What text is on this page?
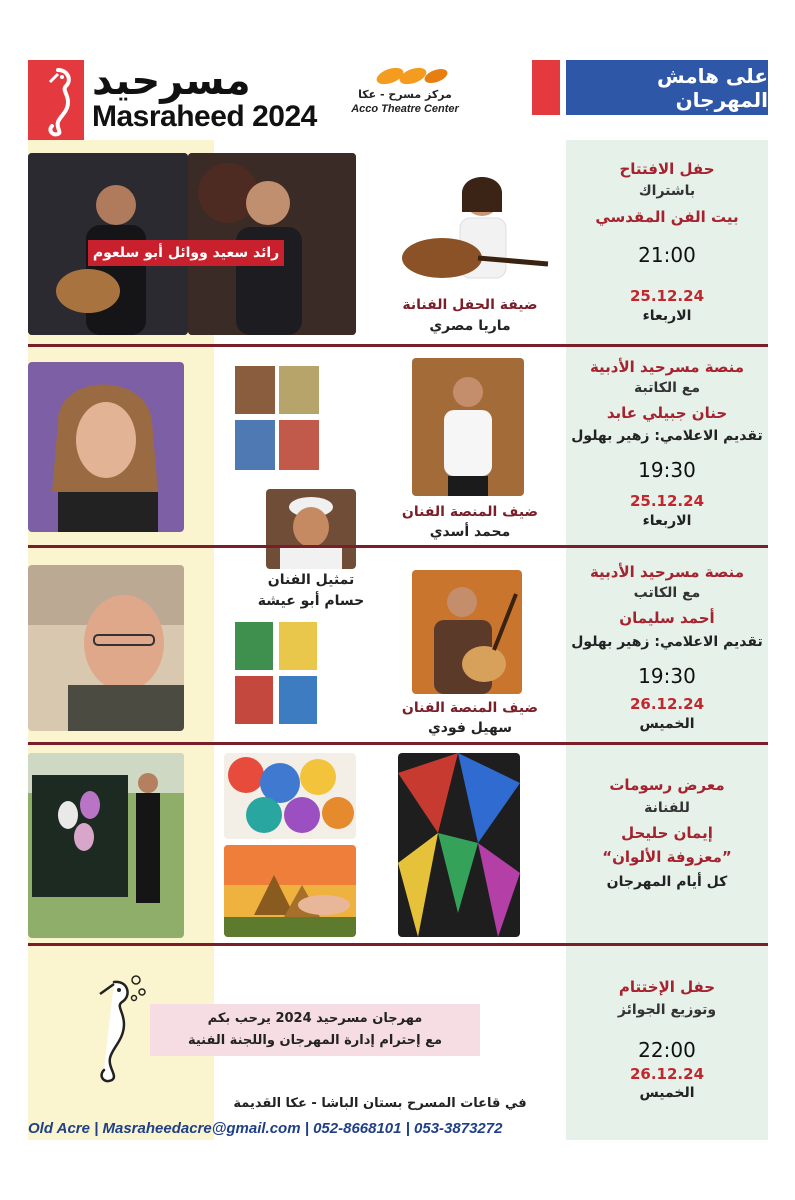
مسرحيد
Masraheed 2024
مركز مسرح - عكا
Acco Theatre Center
على هامش المهرجان
رائد سعيد ووائل أبو سلعوم
ضيفة الحفل الفنانة
ماريا مصري
حفل الافتتاح
باشتراك
بيت الفن المقدسي
21:00
25.12.24
الاربعاء
ضيف المنصة الفنان
محمد أسدي
منصة مسرحيد الأدبية
مع الكاتبة
حنان جبيلي عابد
تقديم الاعلامي: زهير بهلول
19:30
25.12.24
الاربعاء
تمثيل الفنان
حسام أبو عيشة
ضيف المنصة الفنان
سهيل فودي
منصة مسرحيد الأدبية
مع الكاتب
أحمد سليمان
تقديم الاعلامي: زهير بهلول
19:30
26.12.24
الخميس
معرض رسومات
للفنانة
إيمان حليحل
”معزوفة الألوان“
كل أيام المهرجان
مهرجان مسرحيد 2024 يرحب بكم
مع إحترام إدارة المهرجان واللجنة الفنية
حفل الإختتام
وتوزيع الجوائز
22:00
26.12.24
الخميس
في قاعات المسرح بستان الباشا - عكا القديمة
Old Acre | Masraheedacre@gmail.com | 052-8668101 | 053-3873272
